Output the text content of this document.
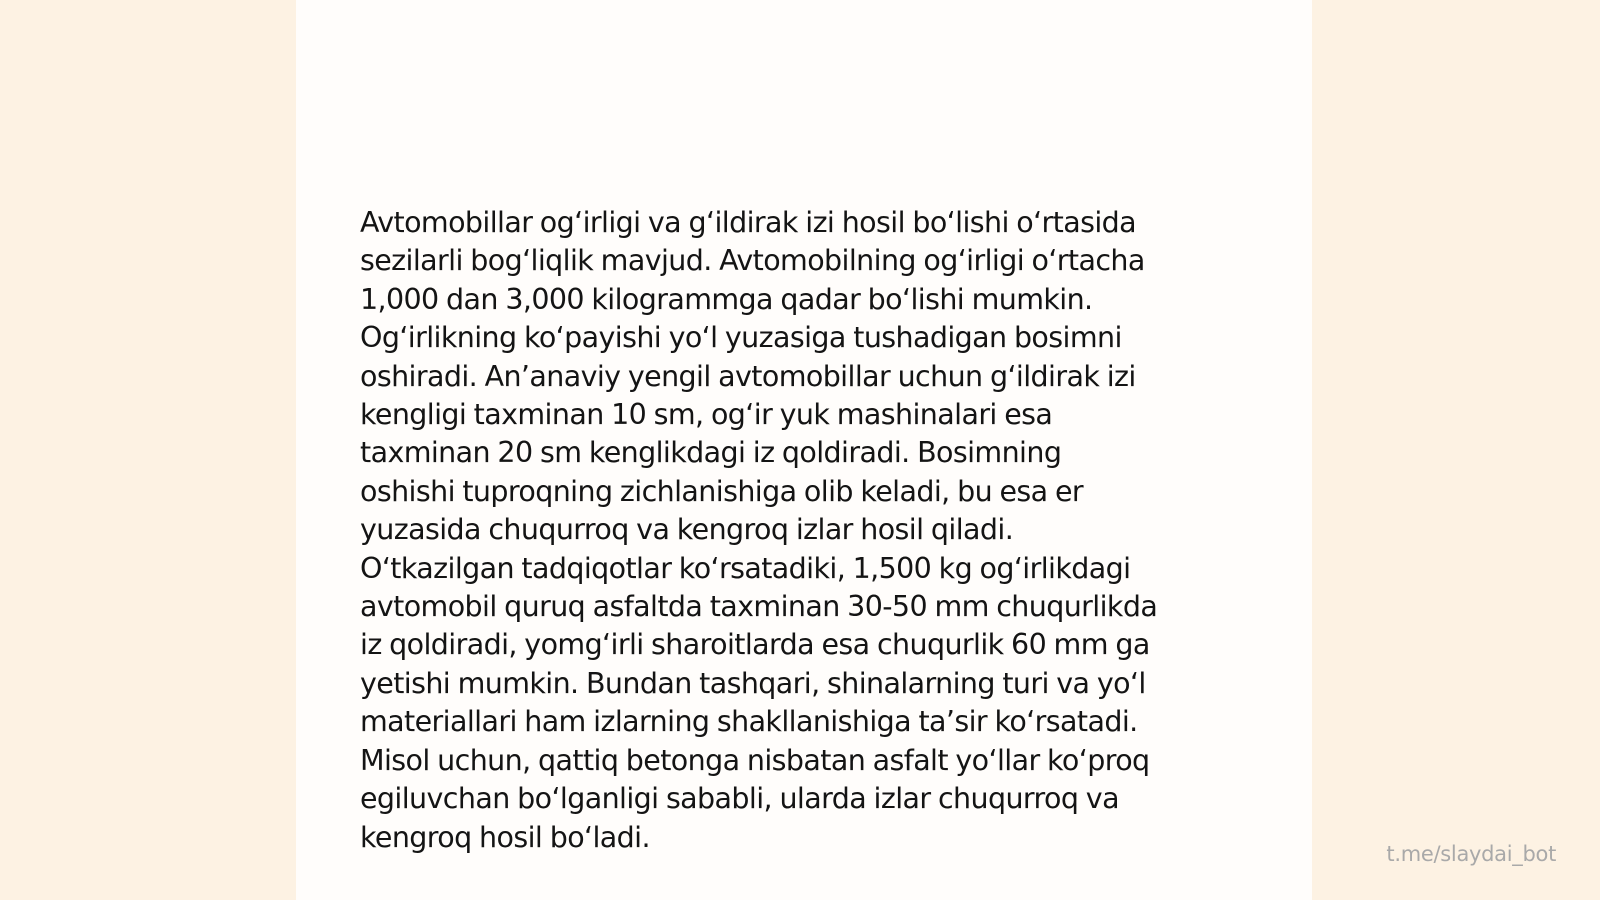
Avtomobillar og‘irligi va g‘ildirak izi hosil bo‘lishi o‘rtasida
sezilarli bog‘liqlik mavjud. Avtomobilning og‘irligi o‘rtacha
1,000 dan 3,000 kilogrammga qadar bo‘lishi mumkin.
Og‘irlikning ko‘payishi yo‘l yuzasiga tushadigan bosimni
oshiradi. An’anaviy yengil avtomobillar uchun g‘ildirak izi
kengligi taxminan 10 sm, og‘ir yuk mashinalari esa
taxminan 20 sm kenglikdagi iz qoldiradi. Bosimning
oshishi tuproqning zichlanishiga olib keladi, bu esa er
yuzasida chuqurroq va kengroq izlar hosil qiladi.
O‘tkazilgan tadqiqotlar ko‘rsatadiki, 1,500 kg og‘irlikdagi
avtomobil quruq asfaltda taxminan 30-50 mm chuqurlikda
iz qoldiradi, yomg‘irli sharoitlarda esa chuqurlik 60 mm ga
yetishi mumkin. Bundan tashqari, shinalarning turi va yo‘l
materiallari ham izlarning shakllanishiga ta’sir ko‘rsatadi.
Misol uchun, qattiq betonga nisbatan asfalt yo‘llar ko‘proq
egiluvchan bo‘lganligi sababli, ularda izlar chuqurroq va
kengroq hosil bo‘ladi.

t.me/slaydai_bot
